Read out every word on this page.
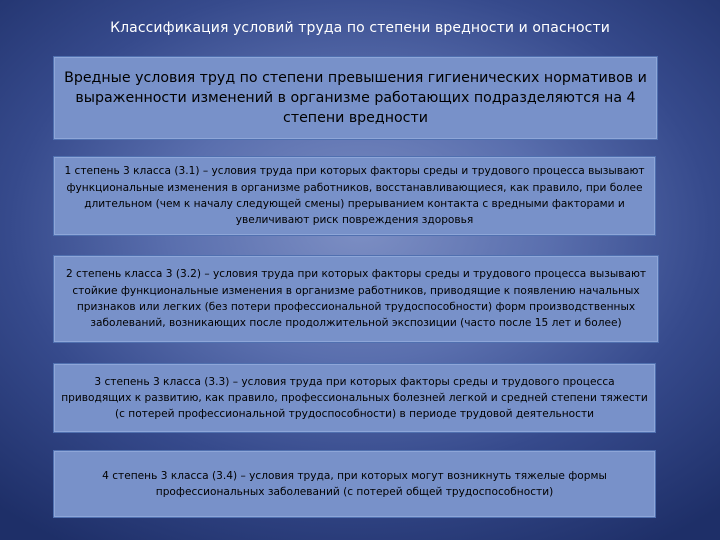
Классификация условий труда по степени вредности и опасности
Вредные условия труд по степени превышения гигиенических нормативов и выраженности изменений в организме работающих подразделяются на 4 степени вредности
1 степень 3 класса (3.1) – условия труда при которых факторы среды и трудового процесса вызывают функциональные изменения в организме работников, восстанавливающиеся, как правило, при более длительном (чем к началу следующей смены) прерыванием контакта с вредными факторами и увеличивают риск повреждения здоровья
2 степень класса 3 (3.2) – условия труда при которых факторы среды и трудового процесса вызывают стойкие функциональные изменения в организме работников, приводящие к появлению начальных признаков или легких (без потери профессиональной трудоспособности) форм производственных заболеваний, возникающих после продолжительной экспозиции (часто после 15 лет и более)
3 степень 3 класса (3.3) – условия труда при которых факторы среды и трудового процесса приводящих к развитию, как правило, профессиональных болезней легкой и средней степени тяжести (с потерей профессиональной трудоспособности) в периоде трудовой деятельности
4 степень 3 класса (3.4) – условия труда, при которых могут возникнуть тяжелые формы профессиональных заболеваний (с потерей общей трудоспособности)
